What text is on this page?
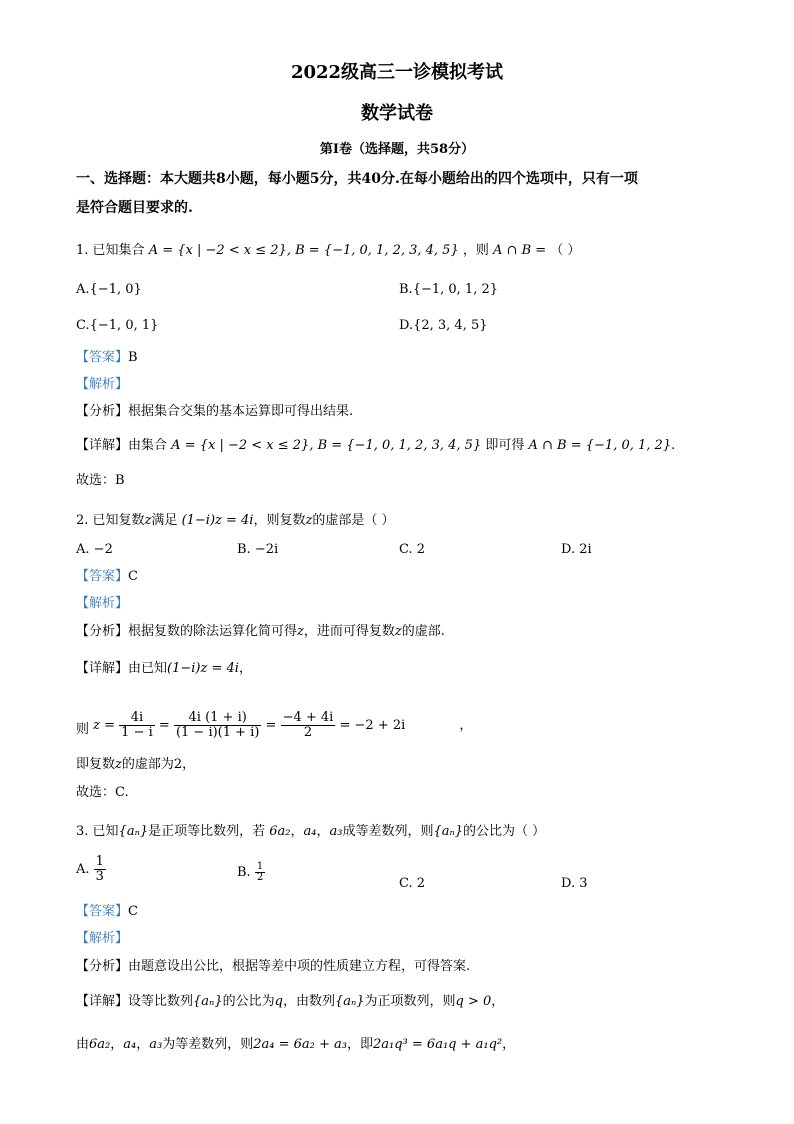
2022级高三一诊模拟考试
数学试卷
第I卷（选择题，共58分）
一、选择题：本大题共8小题，每小题5分，共40分.在每小题给出的四个选项中，只有一项
是符合题目要求的.
1. 已知集合 A = {x | −2 < x ≤ 2}, B = {−1, 0, 1, 2, 3, 4, 5} ，则 A ∩ B = （ ）
A.{−1, 0}	B.{−1, 0, 1, 2}
C.{−1, 0, 1}	D.{2, 3, 4, 5}
【答案】B
【解析】
【分析】根据集合交集的基本运算即可得出结果.
【详解】由集合 A = {x | −2 < x ≤ 2}, B = {−1, 0, 1, 2, 3, 4, 5} 即可得 A ∩ B = {−1, 0, 1, 2}.
故选：B
2. 已知复数z满足 (1−i)z = 4i，则复数z的虚部是（ ）
A. −2	B. −2i	C. 2	D. 2i
【答案】C
【解析】
【分析】根据复数的除法运算化简可得z，进而可得复数z的虚部.
【详解】由已知(1−i)z = 4i，
则 $z = \frac{4i}{1 - i} = \frac{4i (1 + i)}{(1 - i)(1 + i)} = \frac{-4 + 4i}{2} = -2 + 2i$	，
即复数z的虚部为2，
故选：C.
3. 已知{aₙ}是正项等比数列，若 6a₂，a₄，a₃成等差数列，则{aₙ}的公比为（ ）
A. $\frac{1}{3}$	B. $\frac{1}{2}$
C. 2	D. 3
【答案】C
【解析】
【分析】由题意设出公比，根据等差中项的性质建立方程，可得答案.
【详解】设等比数列{aₙ}的公比为q，由数列{aₙ}为正项数列，则q > 0，
由6a₂，a₄，a₃为等差数列，则2a₄ = 6a₂ + a₃，即2a₁q³ = 6a₁q + a₁q²，
